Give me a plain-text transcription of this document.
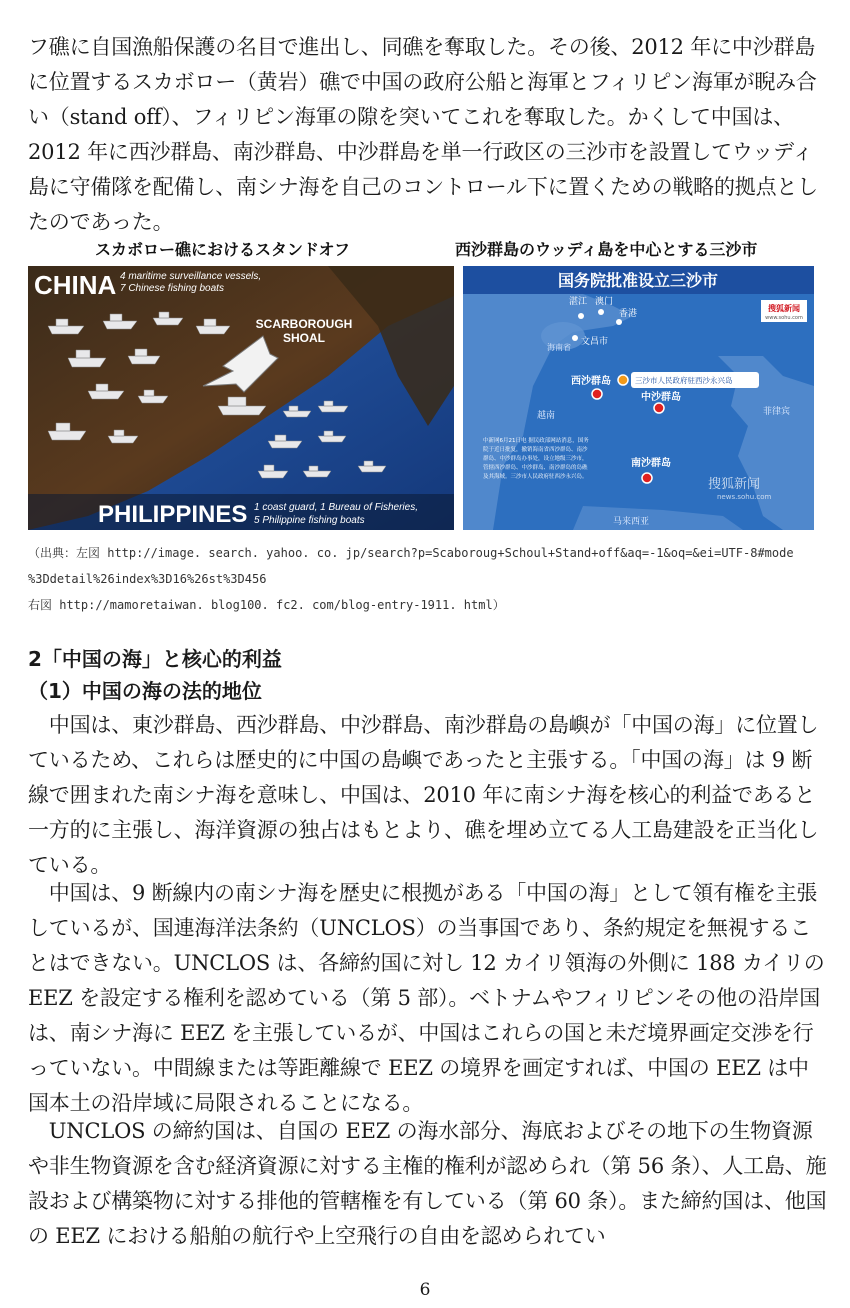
フ礁に自国漁船保護の名目で進出し、同礁を奪取した。その後、2012 年に中沙群島に位置するスカボロー（黄岩）礁で中国の政府公船と海軍とフィリピン海軍が睨み合い（stand off）、フィリピン海軍の隙を突いてこれを奪取した。かくして中国は、2012 年に西沙群島、南沙群島、中沙群島を単一行政区の三沙市を設置してウッディ島に守備隊を配備し、南シナ海を自己のコントロール下に置くための戦略的拠点としたのであった。

スカボロー礁におけるスタンドオフ	西沙群島のウッディ島を中心とする三沙市
CHINA 4 maritime surveillance vessels,
7 Chinese fishing boats
SCARBOROUGH
SHOAL
PHILIPPINES 1 coast guard, 1 Bureau of Fisheries,
5 Philippine fishing boats
国务院批准设立三沙市
搜狐新闻
www.sohu.com
湛江 澳门
香港
文昌市
海南省
越南	菲律宾
马来西亚
西沙群岛	三沙市人民政府驻西沙永兴岛
中沙群岛
南沙群岛
中新网6月21日电 据民政部网站消息，国务
院于近日批复，撤销海南省西沙群岛、南沙
群岛、中沙群岛办事处，设立地级三沙市，
管辖西沙群岛、中沙群岛、南沙群岛的岛礁
及其海域。三沙市人民政府驻西沙永兴岛。	搜狐新闻
news.sohu.com
（出典：左図 http://image. search. yahoo. co. jp/search?p=Scaboroug+Schoul+Stand+off&aq=-1&oq=&ei=UTF-8#mode
%3Ddetail%26index%3D16%26st%3D456
右図 http://mamoretaiwan. blog100. fc2. com/blog-entry-1911. html）
2「中国の海」と核心的利益
（1）中国の海の法的地位

　中国は、東沙群島、西沙群島、中沙群島、南沙群島の島嶼が「中国の海」に位置しているため、これらは歴史的に中国の島嶼であったと主張する。「中国の海」は 9 断線で囲まれた南シナ海を意味し、中国は、2010 年に南シナ海を核心的利益であると一方的に主張し、海洋資源の独占はもとより、礁を埋め立てる人工島建設を正当化している。

　中国は、9 断線内の南シナ海を歴史に根拠がある「中国の海」として領有権を主張しているが、国連海洋法条約（UNCLOS）の当事国であり、条約規定を無視することはできない。UNCLOS は、各締約国に対し 12 カイリ領海の外側に 188 カイリの EEZ を設定する権利を認めている（第 5 部）。ベトナムやフィリピンその他の沿岸国は、南シナ海に EEZ を主張しているが、中国はこれらの国と未だ境界画定交渉を行っていない。中間線または等距離線で EEZ の境界を画定すれば、中国の EEZ は中国本土の沿岸域に局限されることになる。

　UNCLOS の締約国は、自国の EEZ の海水部分、海底およびその地下の生物資源や非生物資源を含む経済資源に対する主権的権利が認められ（第 56 条）、人工島、施設および構築物に対する排他的管轄権を有している（第 60 条）。また締約国は、他国の EEZ における船舶の航行や上空飛行の自由を認められてい

6
